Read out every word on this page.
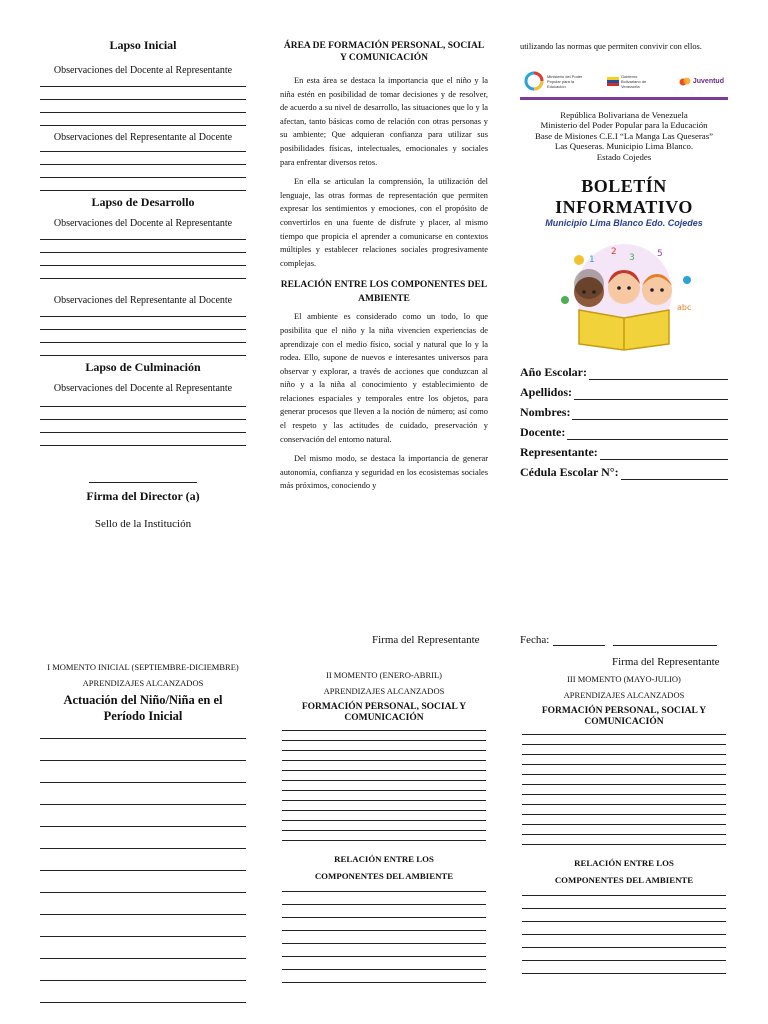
Lapso Inicial
Observaciones del Docente al Representante
Observaciones del Representante al Docente
Lapso de Desarrollo
Observaciones del Docente al Representante
Observaciones del Representante al Docente
Lapso de Culminación
Observaciones del Docente al Representante
Firma del Director (a)
Sello de la Institución
ÁREA DE FORMACIÓN PERSONAL, SOCIAL Y COMUNICACIÓN

En esta área se destaca la importancia que el niño y la niña estén en posibilidad de tomar decisiones y de resolver, de acuerdo a su nivel de desarrollo, las situaciones que lo y la afectan, tanto básicas como de relación con otras personas y su ambiente; Que adquieran confianza para utilizar sus posibilidades físicas, intelectuales, emocionales y sociales para enfrentar diversos retos.

En ella se articulan la comprensión, la utilización del lenguaje, las otras formas de representación que permiten expresar los sentimientos y emociones, con el propósito de convertirlos en una fuente de disfrute y placer, al mismo tiempo que propicia el aprender a comunicarse en contextos múltiples y establecer relaciones sociales progresivamente complejas.

RELACIÓN ENTRE LOS COMPONENTES DEL AMBIENTE

El ambiente es considerado como un todo, lo que posibilita que el niño y la niña vivencien experiencias de aprendizaje con el medio físico, social y natural que lo y la rodea. Ello, supone de nuevos e interesantes universos para observar y explorar, a través de acciones que conduzcan al niño y a la niña al conocimiento y establecimiento de relaciones espaciales y temporales entre los objetos, para generar procesos que lleven a la noción de número; así como el respeto y las actitudes de cuidado, preservación y conservación del entorno natural.

Del mismo modo, se destaca la importancia de generar autonomía, confianza y seguridad en los ecosistemas sociales más próximos, conociendo y

utilizando las normas que permiten convivir con ellos.

Ministerio del Poder Popular para la Educación
Gobierno Bolivariano de Venezuela
Juventud
República Bolivariana de Venezuela
Ministerio del Poder Popular para la Educación
Base de Misiones C.E.I “La Manga Las Queseras”
Las Queseras. Municipio Lima Blanco.
Estado Cojedes
BOLETÍN
INFORMATIVO
Municipio Lima Blanco Edo. Cojedes
1
2
3 5
abc
Año Escolar:
Apellidos:
Nombres:
Docente:
Representante:
Cédula Escolar N°:
Firma del Representante	Fecha:
Firma del Representante
I MOMENTO INICIAL (SEPTIEMBRE-DICIEMBRE)
APRENDIZAJES ALCANZADOS
Actuación del Niño/Niña en el Período Inicial
II MOMENTO (ENERO-ABRIL)
APRENDIZAJES ALCANZADOS
FORMACIÓN PERSONAL, SOCIAL Y COMUNICACIÓN
RELACIÓN ENTRE LOS COMPONENTES DEL AMBIENTE
III MOMENTO (MAYO-JULIO)
APRENDIZAJES ALCANZADOS
FORMACIÓN PERSONAL, SOCIAL Y COMUNICACIÓN
RELACIÓN ENTRE LOS COMPONENTES DEL AMBIENTE
